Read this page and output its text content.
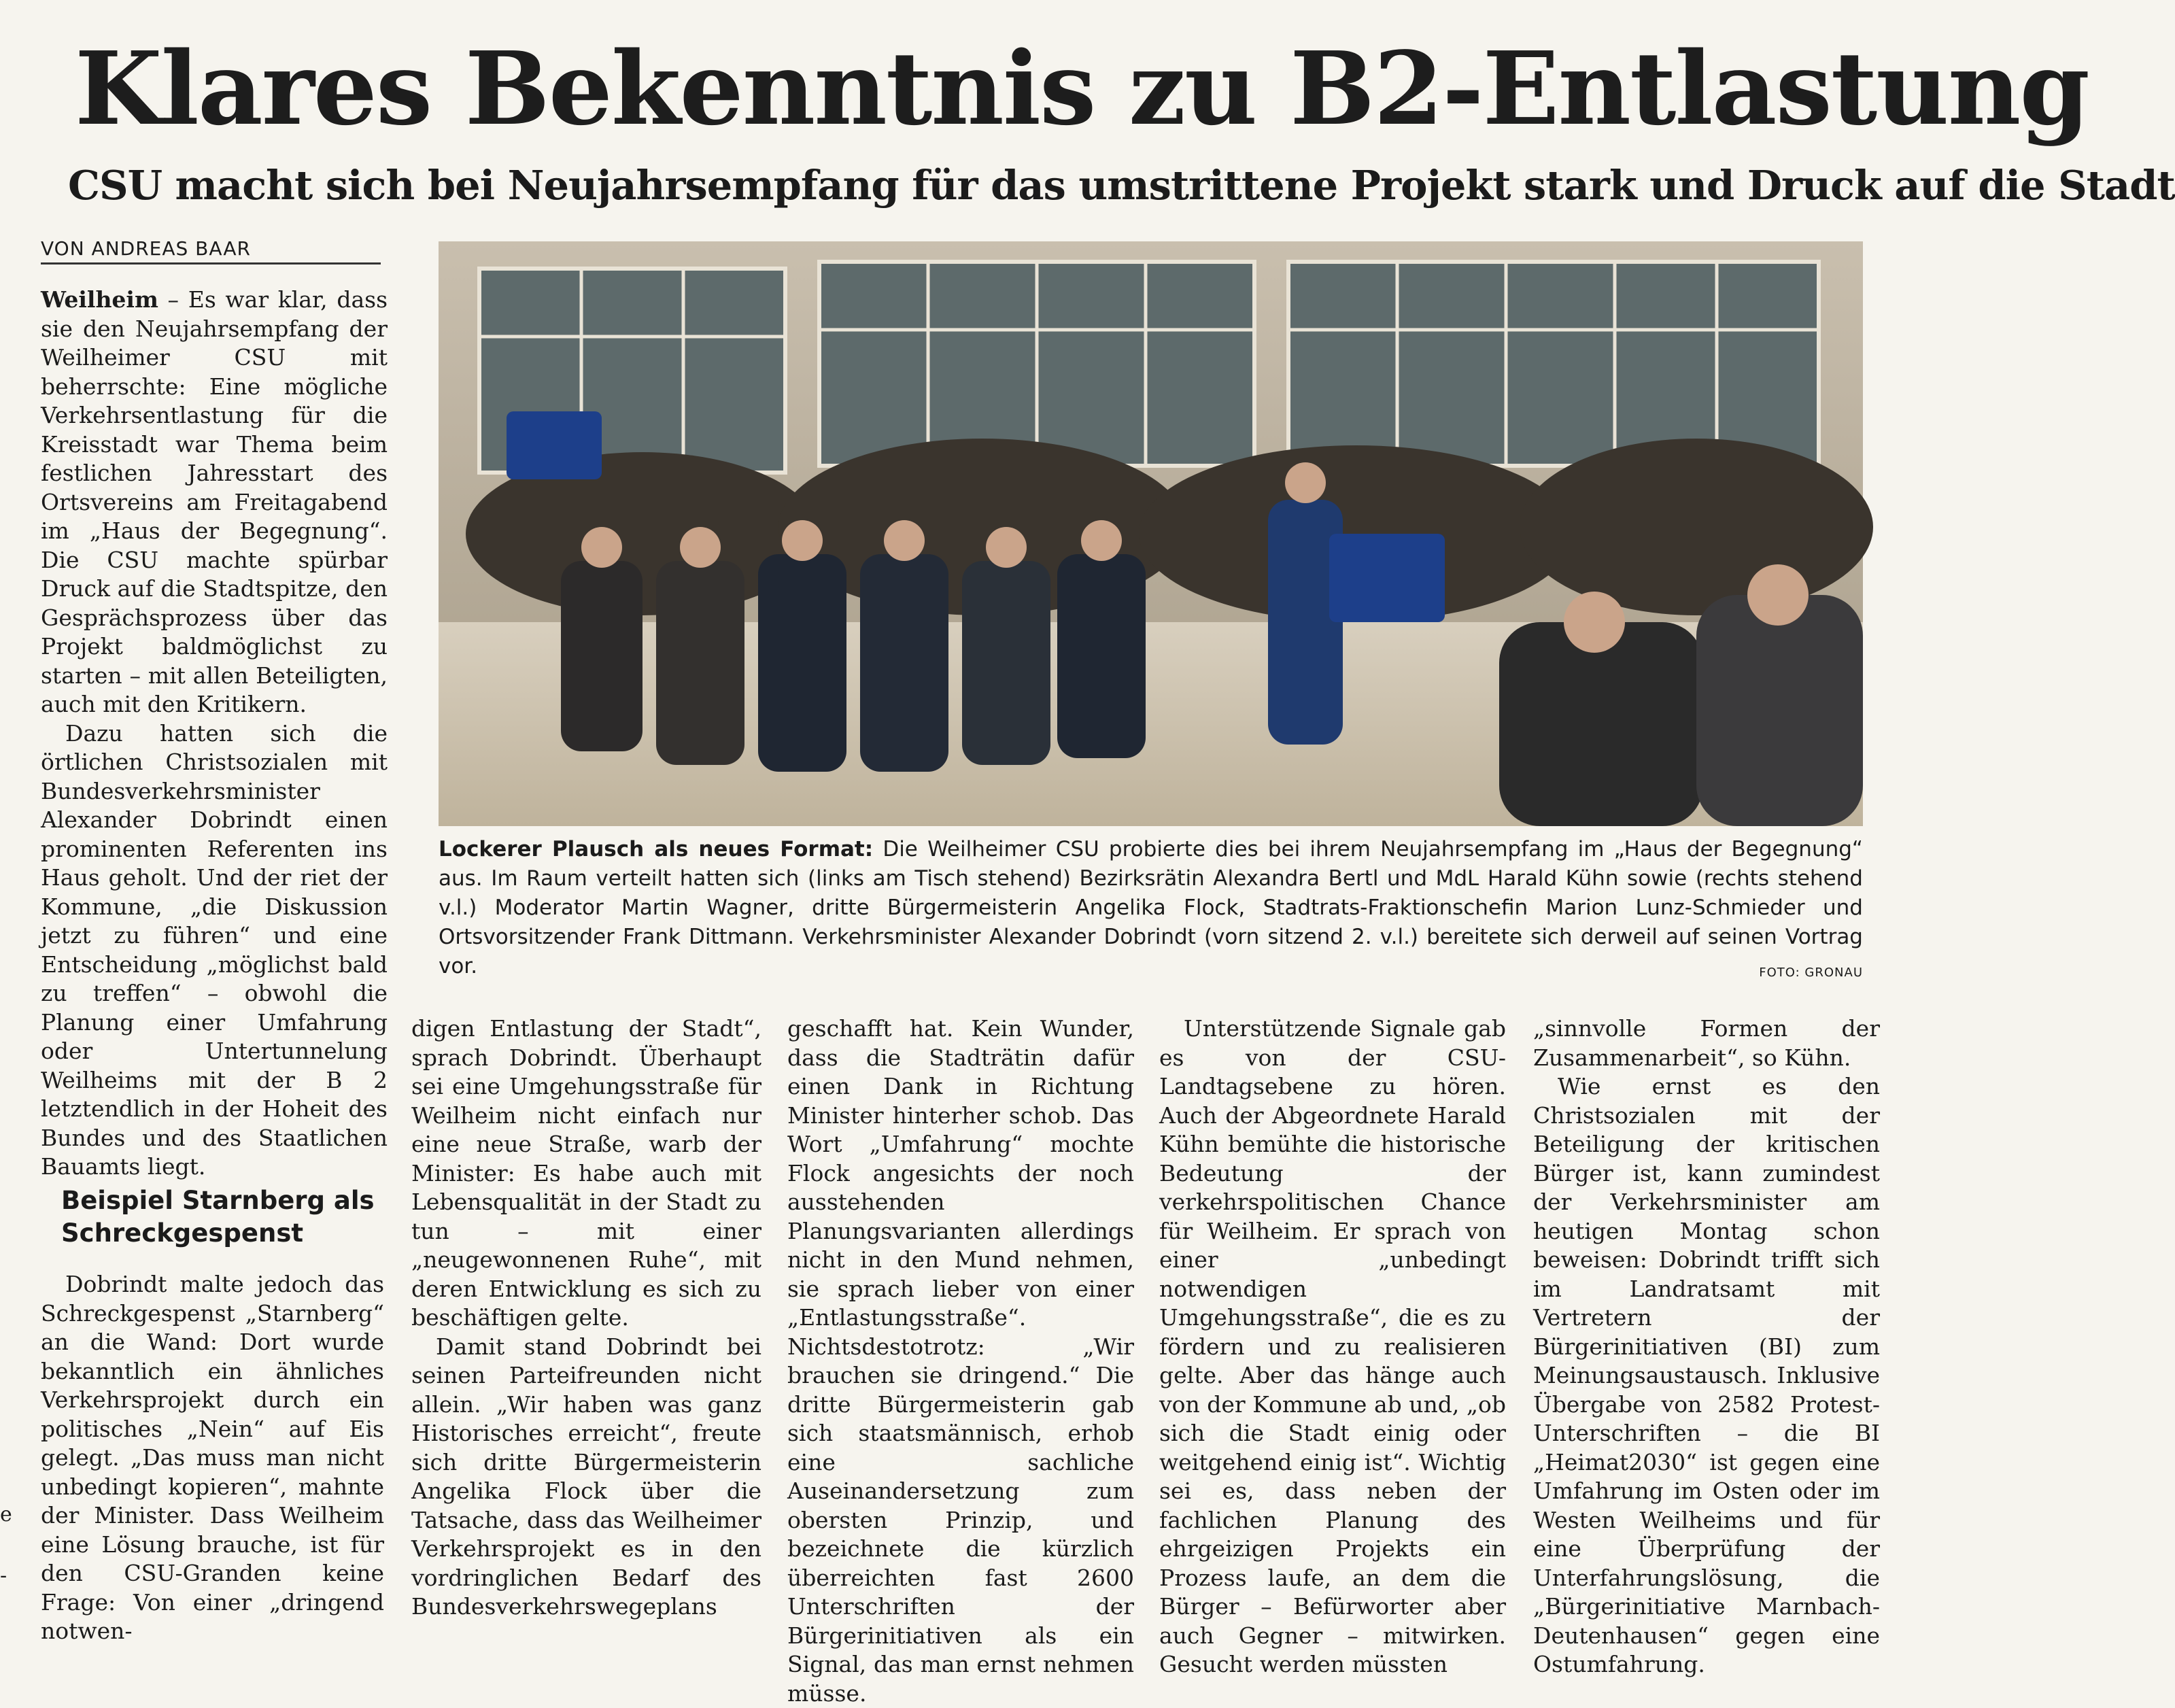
Klares Bekenntnis zu B2-Entlastung
CSU macht sich bei Neujahrsempfang für das umstrittene Projekt stark und Druck auf die Stadt
VON ANDREAS BAAR

Weilheim – Es war klar, dass sie den Neujahrsempfang der Weilheimer CSU mit beherrschte: Eine mögliche Verkehrsentlastung für die Kreisstadt war Thema beim festlichen Jahresstart des Ortsvereins am Freitagabend im „Haus der Begegnung“. Die CSU machte spürbar Druck auf die Stadtspitze, den Gesprächsprozess über das Projekt baldmöglichst zu starten – mit allen Beteiligten, auch mit den Kritikern.

Dazu hatten sich die örtlichen Christsozialen mit Bundesverkehrsminister Alexander Dobrindt einen prominenten Referenten ins Haus geholt. Und der riet der Kommune, „die Diskussion jetzt zu führen“ und eine Entscheidung „möglichst bald zu treffen“ – obwohl die Planung einer Umfahrung oder Untertunnelung Weilheims mit der B 2 letztendlich in der Hoheit des Bundes und des Staatlichen Bauamts liegt.

Beispiel Starnberg als Schreckgespenst

Dobrindt malte jedoch das Schreckgespenst „Starnberg“ an die Wand: Dort wurde bekanntlich ein ähnliches Verkehrsprojekt durch ein politisches „Nein“ auf Eis gelegt. „Das muss man nicht unbedingt kopieren“, mahnte der Minister. Dass Weilheim eine Lösung brauche, ist für den CSU-Granden keine Frage: Von einer „dringend notwen-

Lockerer Plausch als neues Format: Die Weilheimer CSU probierte dies bei ihrem Neujahrsempfang im „Haus der Begegnung“ aus. Im Raum verteilt hatten sich (links am Tisch stehend) Bezirksrätin Alexandra Bertl und MdL Harald Kühn sowie (rechts stehend v.l.) Moderator Martin Wagner, dritte Bürgermeisterin Angelika Flock, Stadtrats-Fraktionschefin Marion Lunz-Schmieder und Ortsvorsitzender Frank Dittmann. Verkehrsminister Alexander Dobrindt (vorn sitzend 2. v.l.) bereitete sich derweil auf seinen Vortrag vor.	FOTO: GRONAU

digen Entlastung der Stadt“, sprach Dobrindt. Überhaupt sei eine Umgehungsstraße für Weilheim nicht einfach nur eine neue Straße, warb der Minister: Es habe auch mit Lebensqualität in der Stadt zu tun – mit einer „neugewonnenen Ruhe“, mit deren Entwicklung es sich zu beschäftigen gelte.

Damit stand Dobrindt bei seinen Parteifreunden nicht allein. „Wir haben was ganz Historisches erreicht“, freute sich dritte Bürgermeisterin Angelika Flock über die Tatsache, dass das Weilheimer Verkehrsprojekt es in den vordringlichen Bedarf des Bundesverkehrswegeplans

geschafft hat. Kein Wunder, dass die Stadträtin dafür einen Dank in Richtung Minister hinterher schob. Das Wort „Umfahrung“ mochte Flock angesichts der noch ausstehenden Planungsvarianten allerdings nicht in den Mund nehmen, sie sprach lieber von einer „Entlastungsstraße“. Nichtsdestotrotz: „Wir brauchen sie dringend.“ Die dritte Bürgermeisterin gab sich staatsmännisch, erhob eine sachliche Auseinandersetzung zum obersten Prinzip, und bezeichnete die kürzlich überreichten fast 2600 Unterschriften der Bürgerinitiativen als ein Signal, das man ernst nehmen müsse.

Unterstützende Signale gab es von der CSU-Landtagsebene zu hören. Auch der Abgeordnete Harald Kühn bemühte die historische Bedeutung der verkehrspolitischen Chance für Weilheim. Er sprach von einer „unbedingt notwendigen Umgehungsstraße“, die es zu fördern und zu realisieren gelte. Aber das hänge auch von der Kommune ab und, „ob sich die Stadt einig oder weitgehend einig ist“. Wichtig sei es, dass neben der fachlichen Planung des ehrgeizigen Projekts ein Prozess laufe, an dem die Bürger – Befürworter aber auch Gegner – mitwirken. Gesucht werden müssten

„sinnvolle Formen der Zusammenarbeit“, so Kühn.

Wie ernst es den Christsozialen mit der Beteiligung der kritischen Bürger ist, kann zumindest der Verkehrsminister am heutigen Montag schon beweisen: Dobrindt trifft sich im Landratsamt mit Vertretern der Bürgerinitiativen (BI) zum Meinungsaustausch. Inklusive Übergabe von 2582 Protest-Unterschriften – die BI „Heimat2030“ ist gegen eine Umfahrung im Osten oder im Westen Weilheims und für eine Überprüfung der Unterfahrungslösung, die „Bürgerinitiative Marnbach-Deutenhausen“ gegen eine Ostumfahrung.

e
-
